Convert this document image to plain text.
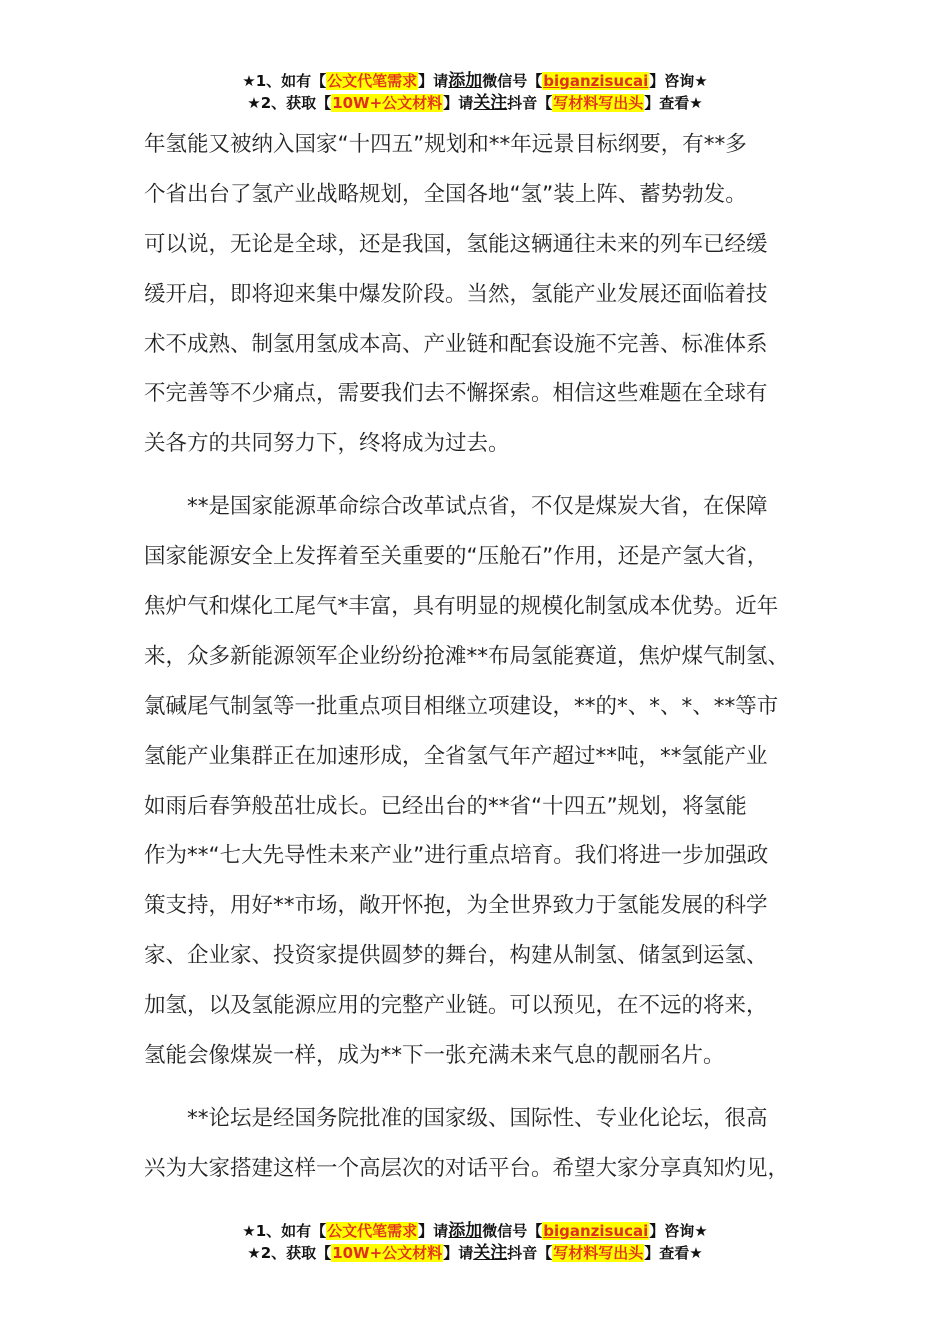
★1、如有【公文代笔需求】请添加微信号【biganzisucai】咨询★
★2、获取【10W+公文材料】请关注抖音【写材料写出头】查看★
年氢能又被纳入国家“十四五”规划和**年远景目标纲要，有**多
个省出台了氢产业战略规划，全国各地“氢”装上阵、蓄势勃发。
可以说，无论是全球，还是我国，氢能这辆通往未来的列车已经缓
缓开启，即将迎来集中爆发阶段。当然，氢能产业发展还面临着技
术不成熟、制氢用氢成本高、产业链和配套设施不完善、标准体系
不完善等不少痛点，需要我们去不懈探索。相信这些难题在全球有
关各方的共同努力下，终将成为过去。
　　**是国家能源革命综合改革试点省，不仅是煤炭大省，在保障
国家能源安全上发挥着至关重要的“压舱石”作用，还是产氢大省，
焦炉气和煤化工尾气*丰富，具有明显的规模化制氢成本优势。近年
来，众多新能源领军企业纷纷抢滩**布局氢能赛道，焦炉煤气制氢、
氯碱尾气制氢等一批重点项目相继立项建设，**的*、*、*、**等市
氢能产业集群正在加速形成，全省氢气年产超过**吨，**氢能产业
如雨后春笋般茁壮成长。已经出台的**省“十四五”规划，将氢能
作为**“七大先导性未来产业”进行重点培育。我们将进一步加强政
策支持，用好**市场，敞开怀抱，为全世界致力于氢能发展的科学
家、企业家、投资家提供圆梦的舞台，构建从制氢、储氢到运氢、
加氢，以及氢能源应用的完整产业链。可以预见，在不远的将来，
氢能会像煤炭一样，成为**下一张充满未来气息的靓丽名片。
　　**论坛是经国务院批准的国家级、国际性、专业化论坛，很高
兴为大家搭建这样一个高层次的对话平台。希望大家分享真知灼见，
★1、如有【公文代笔需求】请添加微信号【biganzisucai】咨询★
★2、获取【10W+公文材料】请关注抖音【写材料写出头】查看★
